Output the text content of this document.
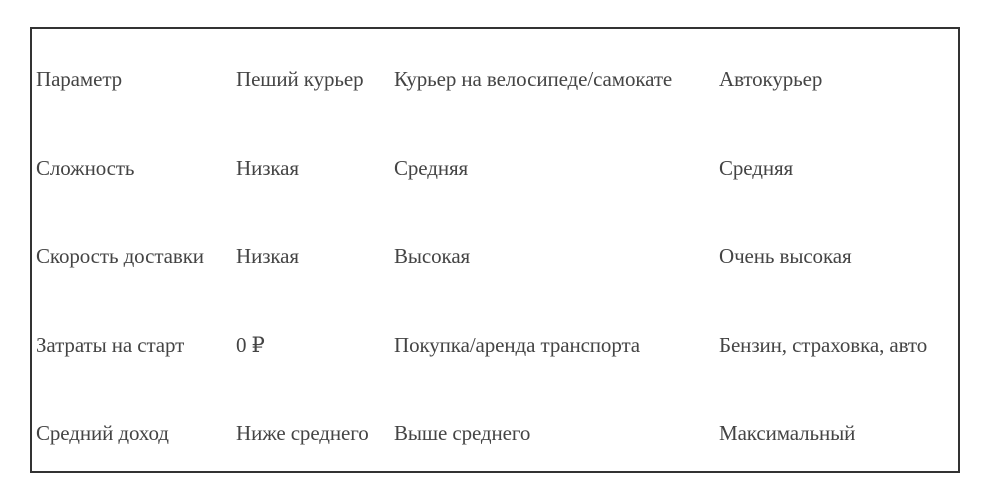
Параметр	Пеший курьер	Курьер на велосипеде/самокате	Автокурьер
Сложность	Низкая	Средняя	Средняя
Скорость доставки	Низкая	Высокая	Очень высокая
Затраты на старт	0 ₽	Покупка/аренда транспорта	Бензин, страховка, авто
Средний доход	Ниже среднего	Выше среднего	Максимальный
